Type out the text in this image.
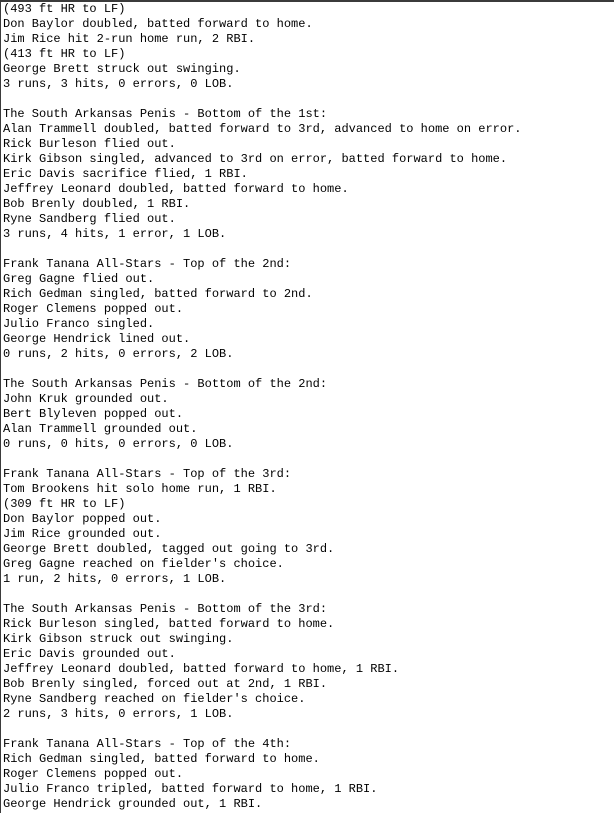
(493 ft HR to LF)
Don Baylor doubled, batted forward to home.
Jim Rice hit 2-run home run, 2 RBI.
(413 ft HR to LF)
George Brett struck out swinging.
3 runs, 3 hits, 0 errors, 0 LOB.

The South Arkansas Penis - Bottom of the 1st:
Alan Trammell doubled, batted forward to 3rd, advanced to home on error.
Rick Burleson flied out.
Kirk Gibson singled, advanced to 3rd on error, batted forward to home.
Eric Davis sacrifice flied, 1 RBI.
Jeffrey Leonard doubled, batted forward to home.
Bob Brenly doubled, 1 RBI.
Ryne Sandberg flied out.
3 runs, 4 hits, 1 error, 1 LOB.

Frank Tanana All-Stars - Top of the 2nd:
Greg Gagne flied out.
Rich Gedman singled, batted forward to 2nd.
Roger Clemens popped out.
Julio Franco singled.
George Hendrick lined out.
0 runs, 2 hits, 0 errors, 2 LOB.

The South Arkansas Penis - Bottom of the 2nd:
John Kruk grounded out.
Bert Blyleven popped out.
Alan Trammell grounded out.
0 runs, 0 hits, 0 errors, 0 LOB.

Frank Tanana All-Stars - Top of the 3rd:
Tom Brookens hit solo home run, 1 RBI.
(309 ft HR to LF)
Don Baylor popped out.
Jim Rice grounded out.
George Brett doubled, tagged out going to 3rd.
Greg Gagne reached on fielder's choice.
1 run, 2 hits, 0 errors, 1 LOB.

The South Arkansas Penis - Bottom of the 3rd:
Rick Burleson singled, batted forward to home.
Kirk Gibson struck out swinging.
Eric Davis grounded out.
Jeffrey Leonard doubled, batted forward to home, 1 RBI.
Bob Brenly singled, forced out at 2nd, 1 RBI.
Ryne Sandberg reached on fielder's choice.
2 runs, 3 hits, 0 errors, 1 LOB.

Frank Tanana All-Stars - Top of the 4th:
Rich Gedman singled, batted forward to home.
Roger Clemens popped out.
Julio Franco tripled, batted forward to home, 1 RBI.
George Hendrick grounded out, 1 RBI.
